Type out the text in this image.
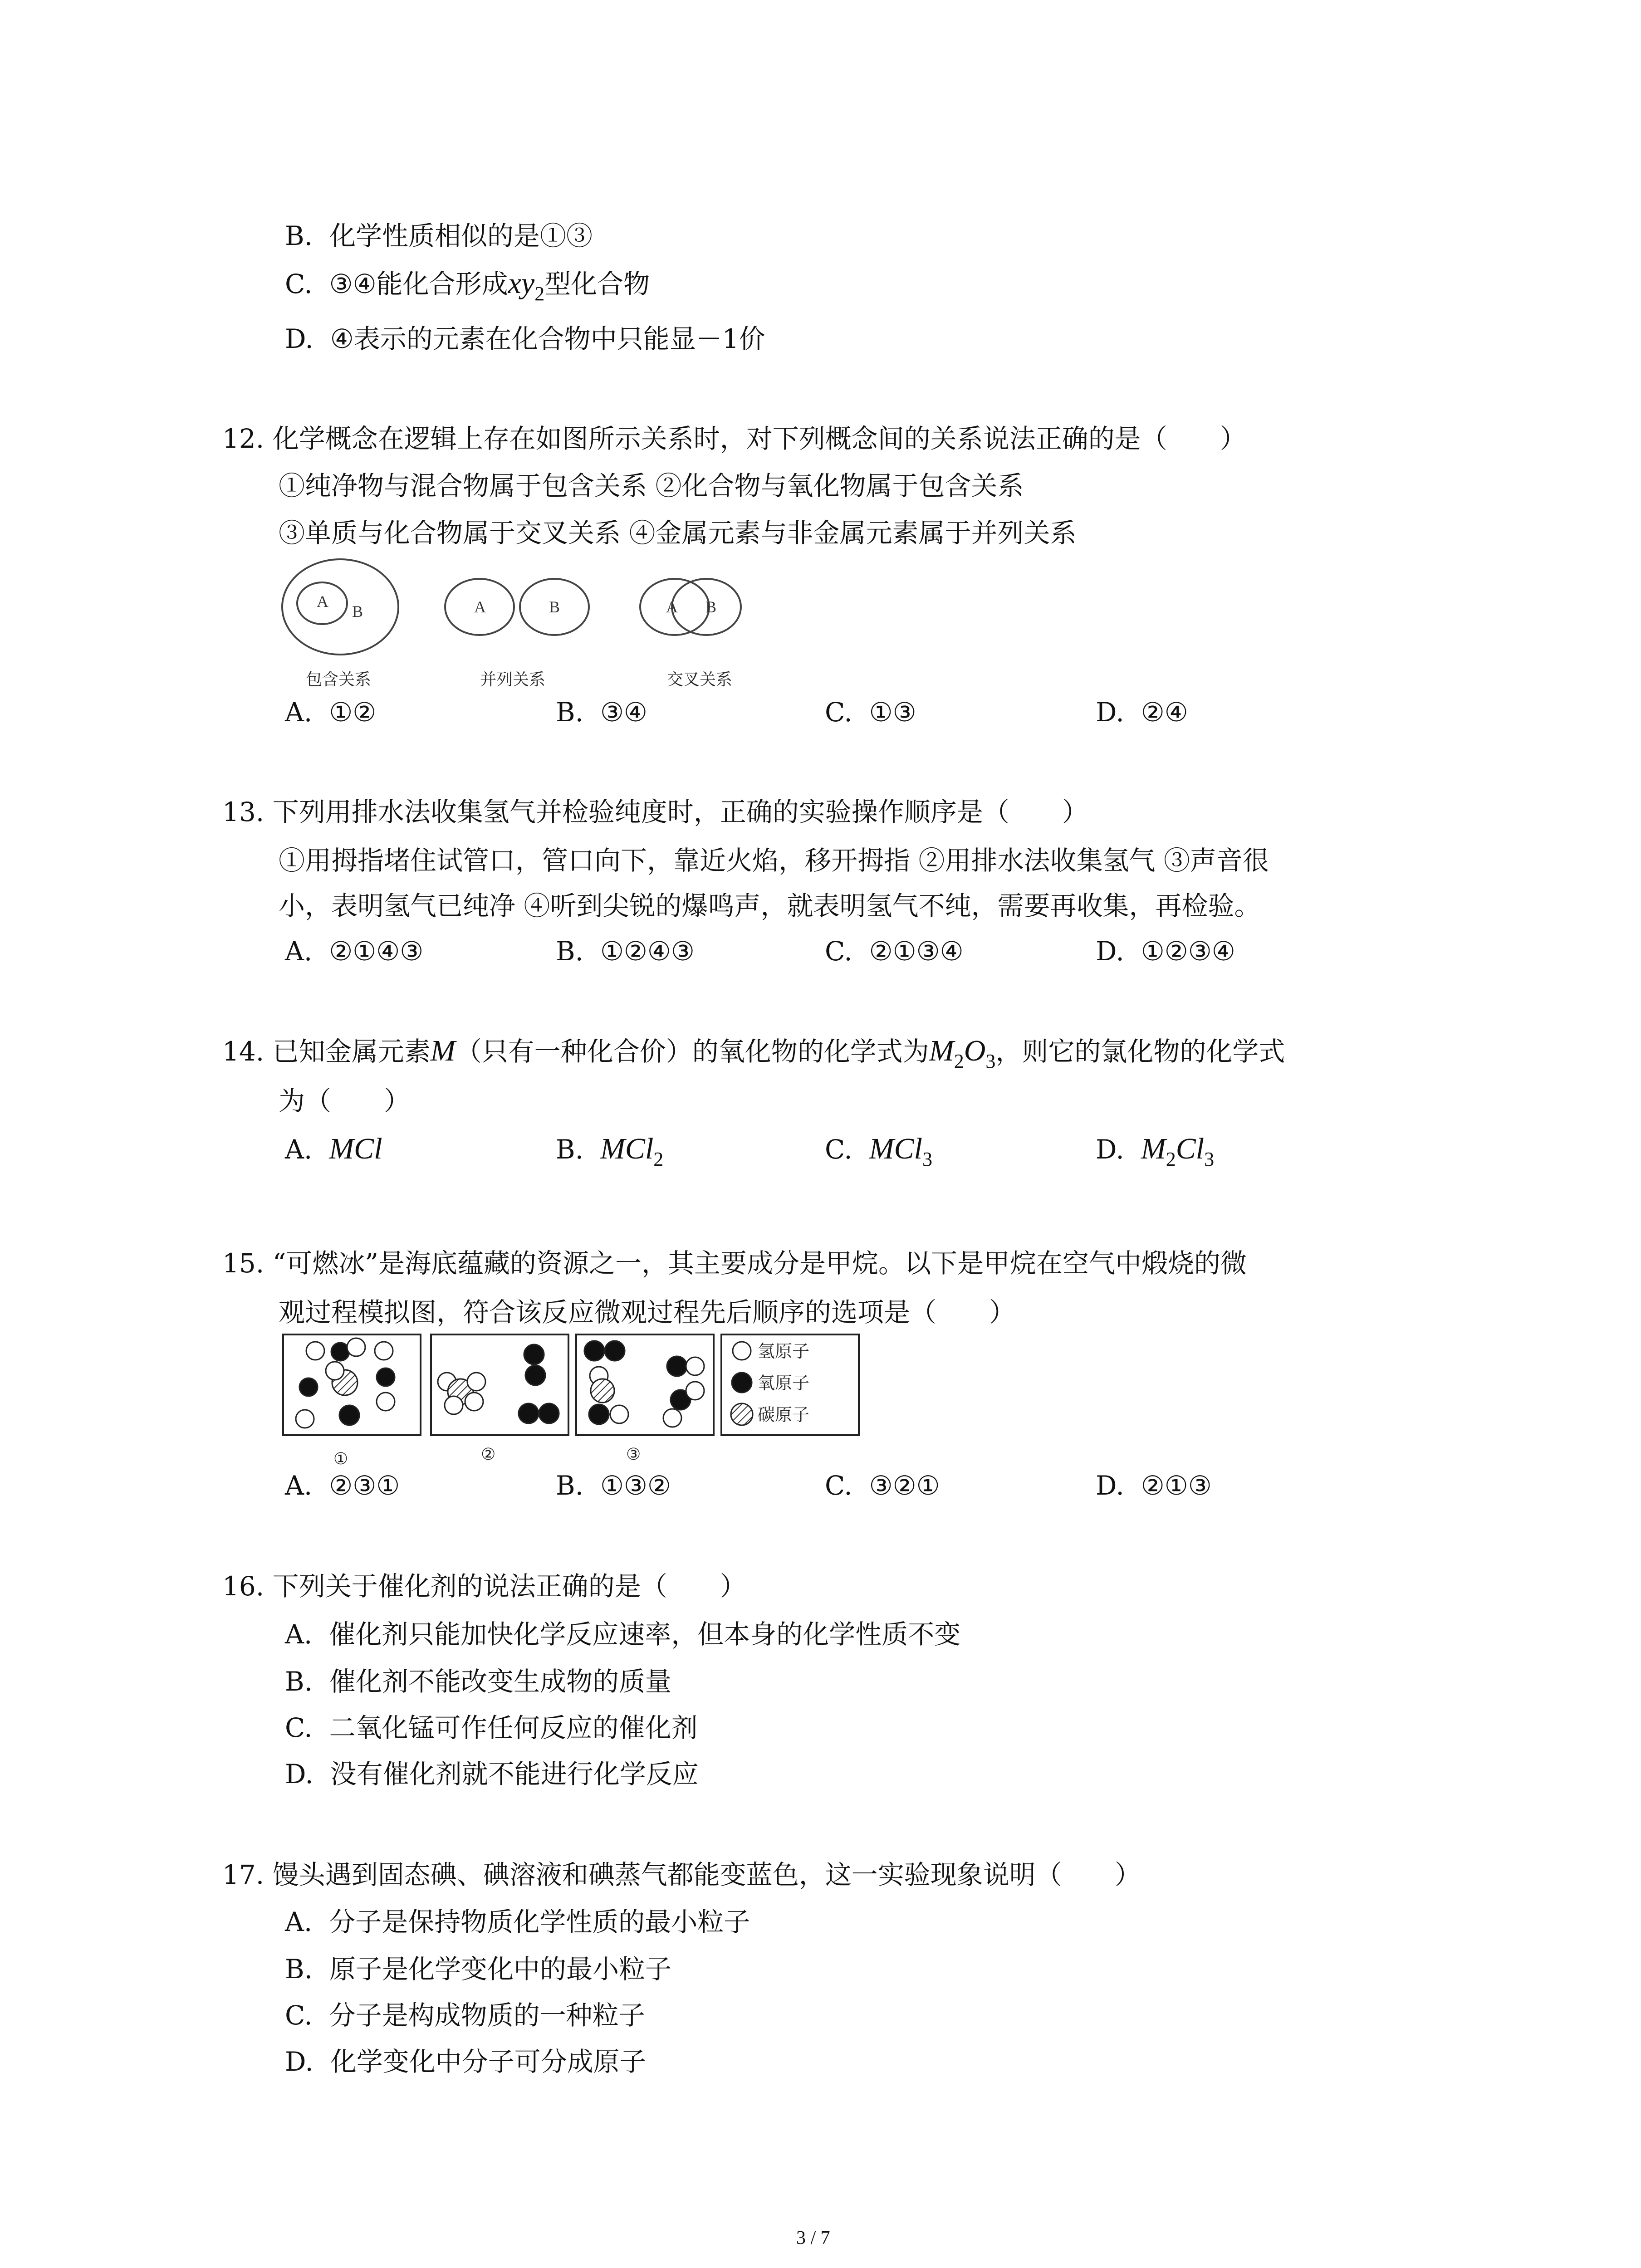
B. 化学性质相似的是①③
C. ③④能化合形成$xy_2$型化合物
D. ④表示的元素在化合物中只能显－1价
12. 化学概念在逻辑上存在如图所示关系时，对下列概念间的关系说法正确的是（　　）
①纯净物与混合物属于包含关系 ②化合物与氧化物属于包含关系
③单质与化合物属于交叉关系 ④金属元素与非金属元素属于并列关系
A
B	A	B	A B
包含关系	并列关系	交叉关系
A. ①②	B. ③④	C. ①③	D. ②④
13. 下列用排水法收集氢气并检验纯度时，正确的实验操作顺序是（　　）
①用拇指堵住试管口，管口向下，靠近火焰，移开拇指 ②用排水法收集氢气 ③声音很
小，表明氢气已纯净 ④听到尖锐的爆鸣声，就表明氢气不纯，需要再收集，再检验。
A. ②①④③	B. ①②④③	C. ②①③④	D. ①②③④
14. 已知金属元素M（只有一种化合价）的氧化物的化学式为$M_2O_3$，则它的氯化物的化学式
为（　　）
A. MCl	B. MCl$_2$	C. MCl$_3$	D. $M_2Cl_3$
15. “可燃冰”是海底蕴藏的资源之一，其主要成分是甲烷。以下是甲烷在空气中煅烧的微
观过程模拟图，符合该反应微观过程先后顺序的选项是（　　）
氢原子
氧原子
碳原子
①	②	③
A. ②③①	B. ①③②	C. ③②①	D. ②①③
16. 下列关于催化剂的说法正确的是（　　）
A. 催化剂只能加快化学反应速率，但本身的化学性质不变
B. 催化剂不能改变生成物的质量
C. 二氧化锰可作任何反应的催化剂
D. 没有催化剂就不能进行化学反应
17. 馒头遇到固态碘、碘溶液和碘蒸气都能变蓝色，这一实验现象说明（　　）
A. 分子是保持物质化学性质的最小粒子
B. 原子是化学变化中的最小粒子
C. 分子是构成物质的一种粒子
D. 化学变化中分子可分成原子
3 / 7
